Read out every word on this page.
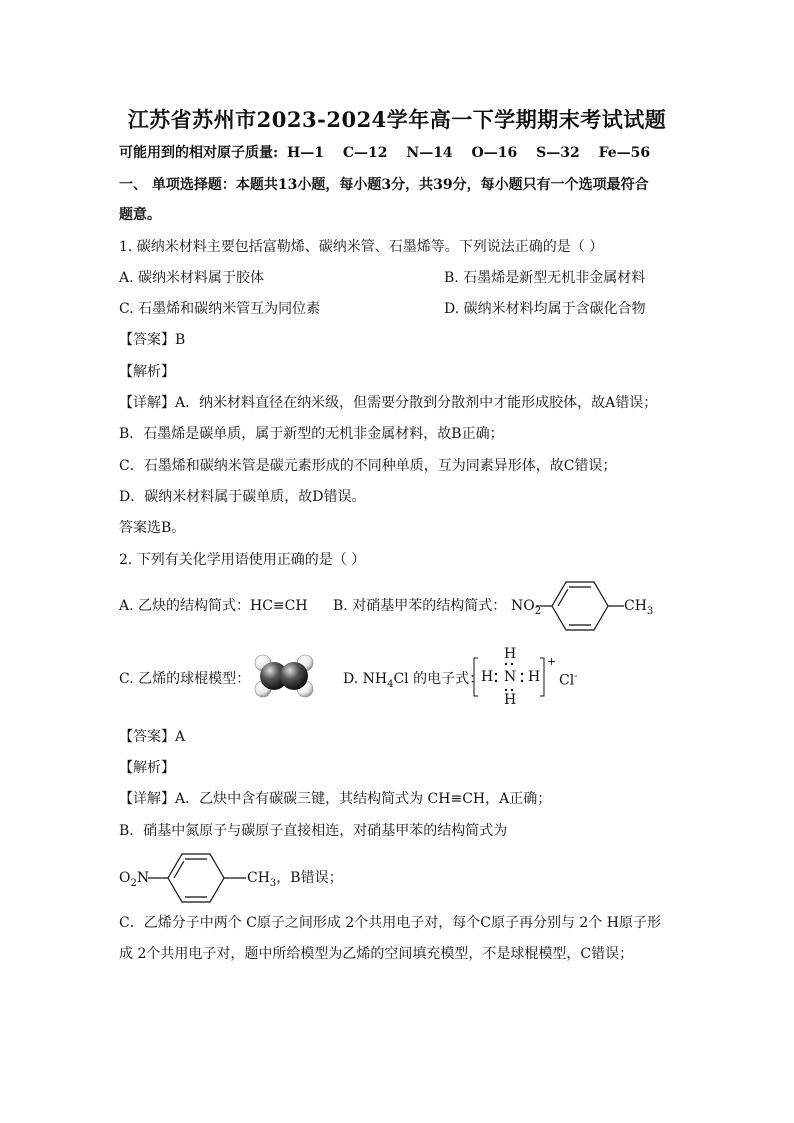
江苏省苏州市2023-2024学年高一下学期期末考试试题
可能用到的相对原子质量: H—1 C—12 N—14 O—16 S—32 Fe—56
一、 单项选择题：本题共13小题，每小题3分，共39分，每小题只有一个选项最符合
题意。
1. 碳纳米材料主要包括富勒烯、碳纳米管、石墨烯等。下列说法正确的是（ ）
A. 碳纳米材料属于胶体	B. 石墨烯是新型无机非金属材料
C. 石墨烯和碳纳米管互为同位素	D. 碳纳米材料均属于含碳化合物
【答案】B
【解析】
【详解】A．纳米材料直径在纳米级，但需要分散到分散剂中才能形成胶体，故A错误；
B．石墨烯是碳单质，属于新型的无机非金属材料，故B正确；
C．石墨烯和碳纳米管是碳元素形成的不同种单质，互为同素异形体，故C错误；
D．碳纳米材料属于碳单质，故D错误。
答案选B。
2. 下列有关化学用语使用正确的是（ ）
A. 乙炔的结构简式：HC≡CH B. 对硝基甲苯的结构简式： $NO_2$	$CH_3$
C. 乙烯的球棍模型：	D. $NH_4Cl$ 的电子式：
H
H N H
H
+
Cl-
【答案】A
【解析】
【详解】A．乙炔中含有碳碳三键，其结构简式为 CH≡CH，A正确；
B．硝基中氮原子与碳原子直接相连，对硝基甲苯的结构简式为
$O_2N$	$CH_3$，B错误；
C．乙烯分子中两个 C原子之间形成 2个共用电子对，每个C原子再分别与 2个 H原子形
成 2个共用电子对，题中所给模型为乙烯的空间填充模型，不是球棍模型，C错误；
